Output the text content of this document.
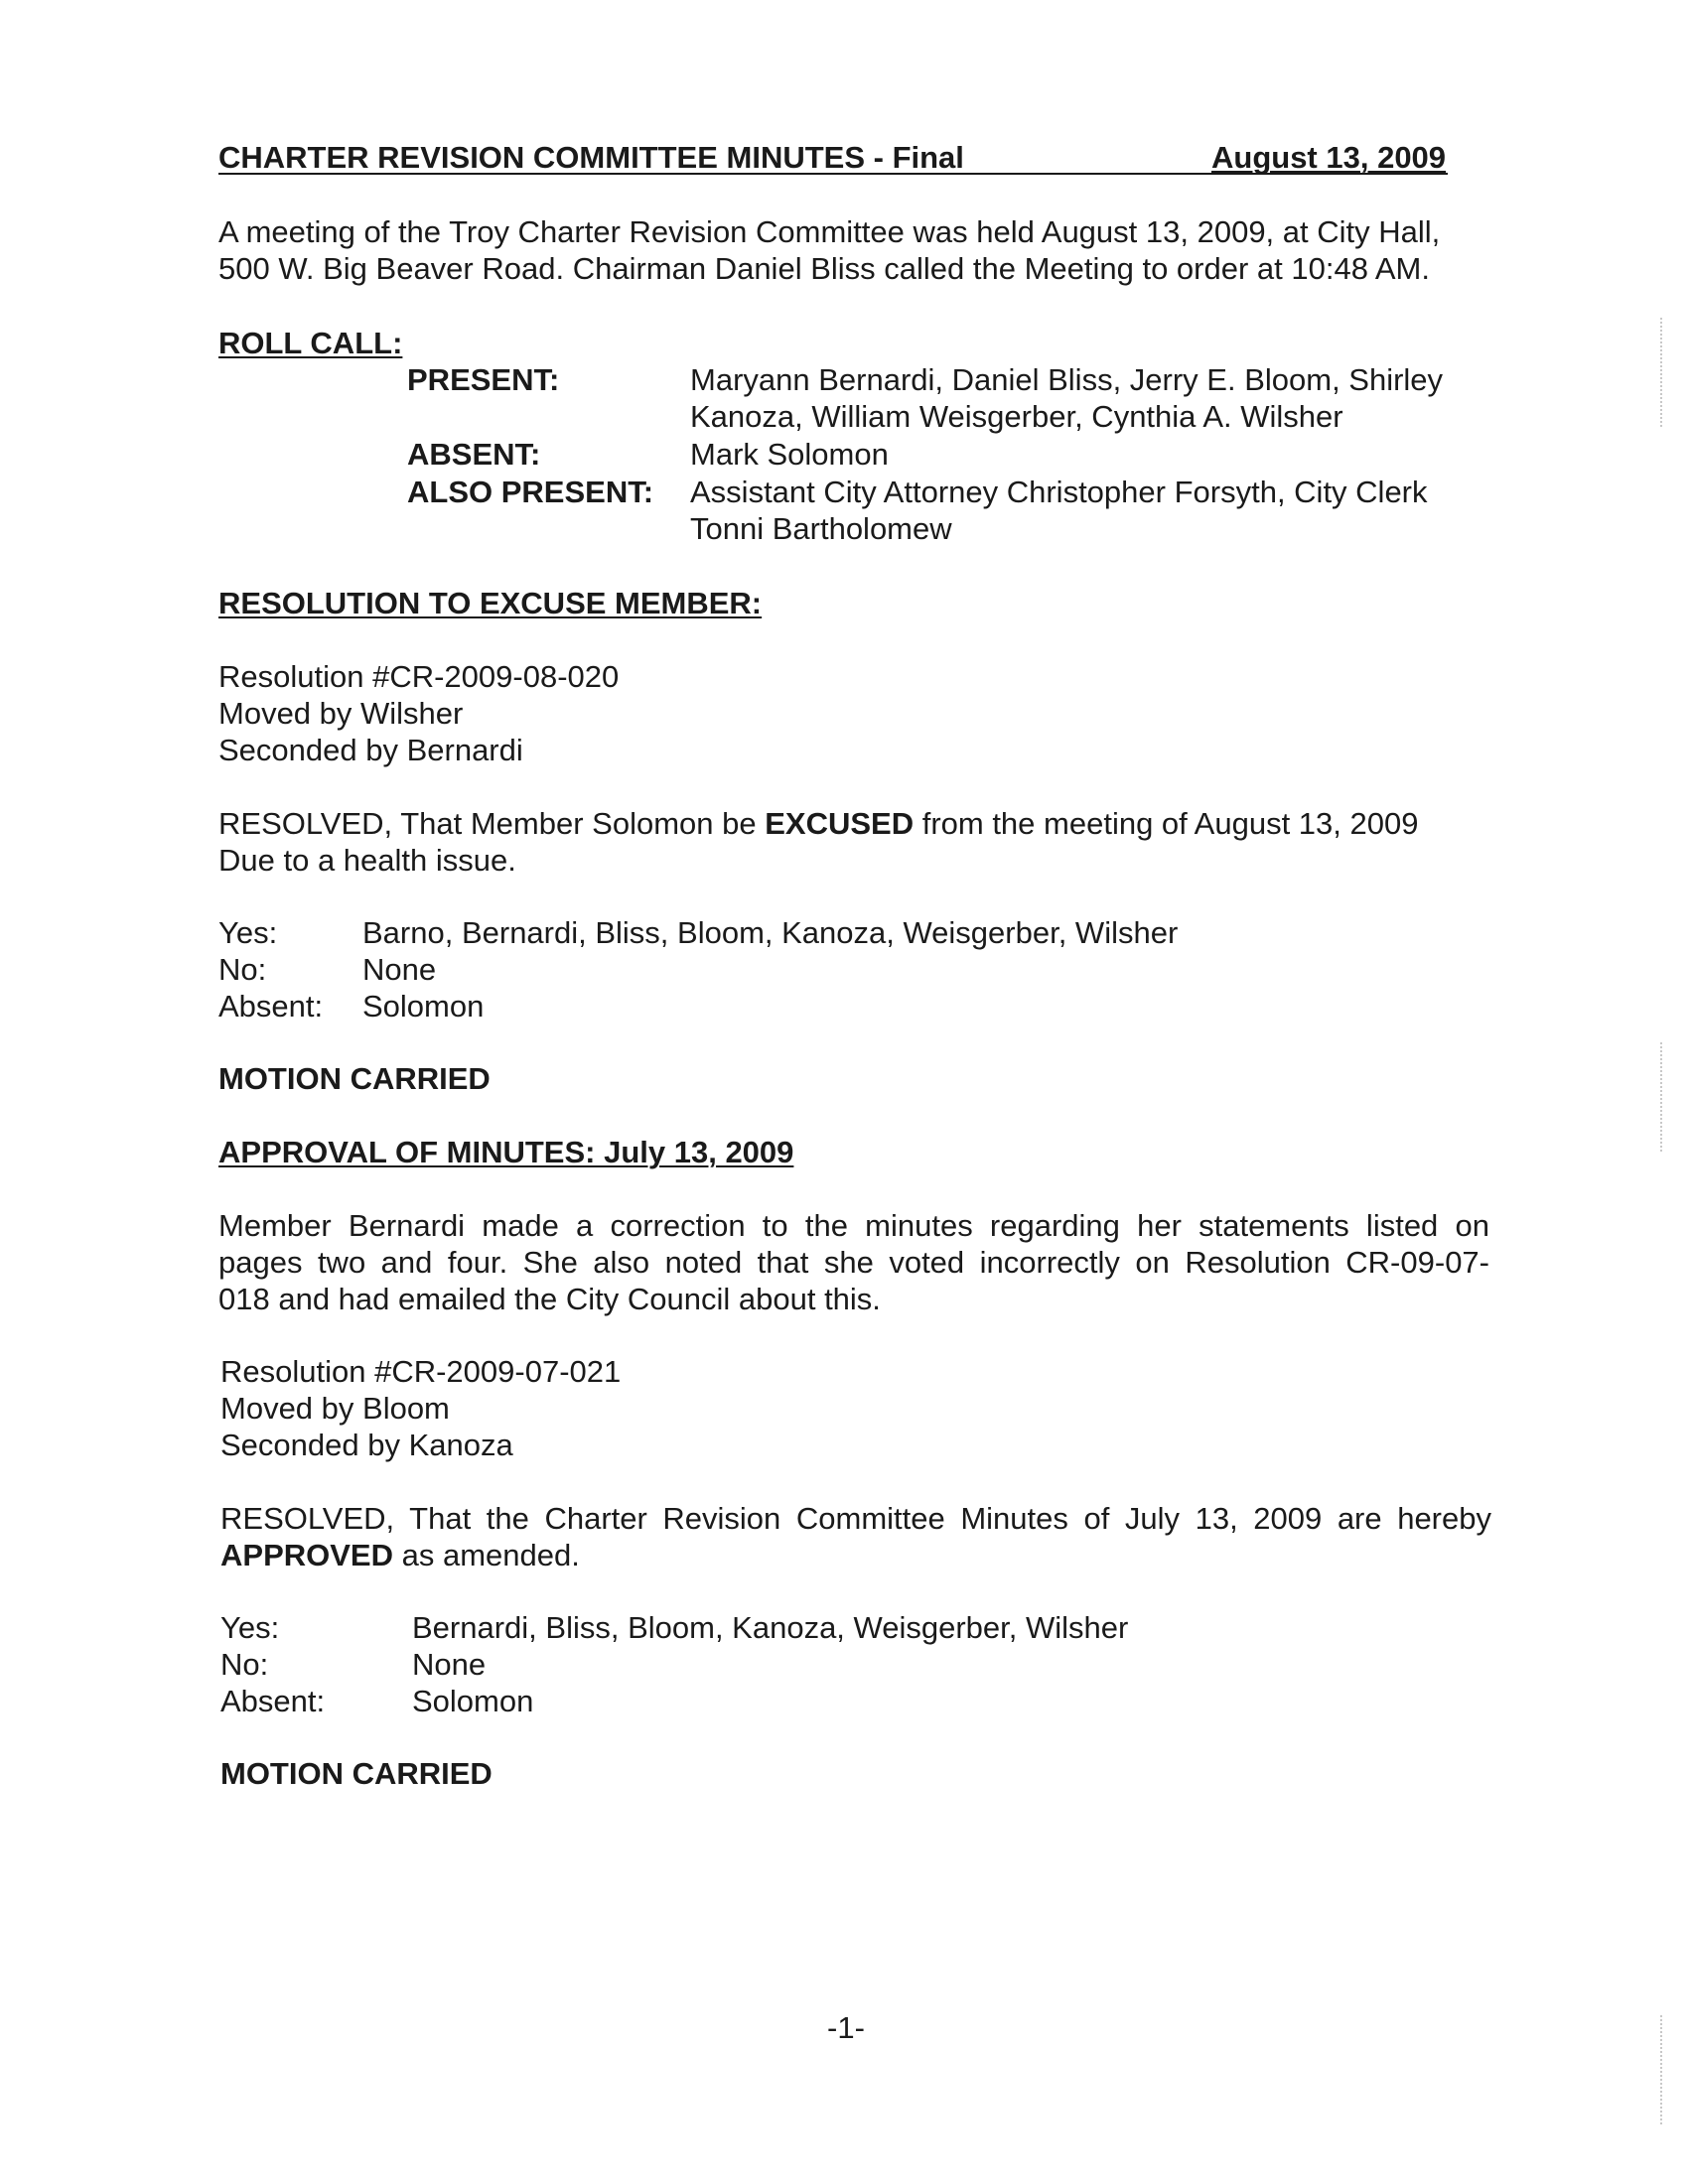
CHARTER REVISION COMMITTEE MINUTES - Final	August 13, 2009
A meeting of the Troy Charter Revision Committee was held August 13, 2009, at City Hall,
500 W. Big Beaver Road. Chairman Daniel Bliss called the Meeting to order at 10:48 AM.
ROLL CALL:
PRESENT:	Maryann Bernardi, Daniel Bliss, Jerry E. Bloom, Shirley
Kanoza, William Weisgerber, Cynthia A. Wilsher
ABSENT:	Mark Solomon
ALSO PRESENT: Assistant City Attorney Christopher Forsyth, City Clerk
Tonni Bartholomew
RESOLUTION TO EXCUSE MEMBER:
Resolution #CR-2009-08-020
Moved by Wilsher
Seconded by Bernardi
RESOLVED, That Member Solomon be EXCUSED from the meeting of August 13, 2009
Due to a health issue.
Yes:	Barno, Bernardi, Bliss, Bloom, Kanoza, Weisgerber, Wilsher
No:	None
Absent: Solomon
MOTION CARRIED
APPROVAL OF MINUTES: July 13, 2009
Member Bernardi made a correction to the minutes regarding her statements listed on
pages two and four. She also noted that she voted incorrectly on Resolution CR-09-07-
018 and had emailed the City Council about this.
Resolution #CR-2009-07-021
Moved by Bloom
Seconded by Kanoza
RESOLVED, That the Charter Revision Committee Minutes of July 13, 2009 are hereby
APPROVED as amended.
Yes:	Bernardi, Bliss, Bloom, Kanoza, Weisgerber, Wilsher
No:	None
Absent:	Solomon
MOTION CARRIED
-1-
